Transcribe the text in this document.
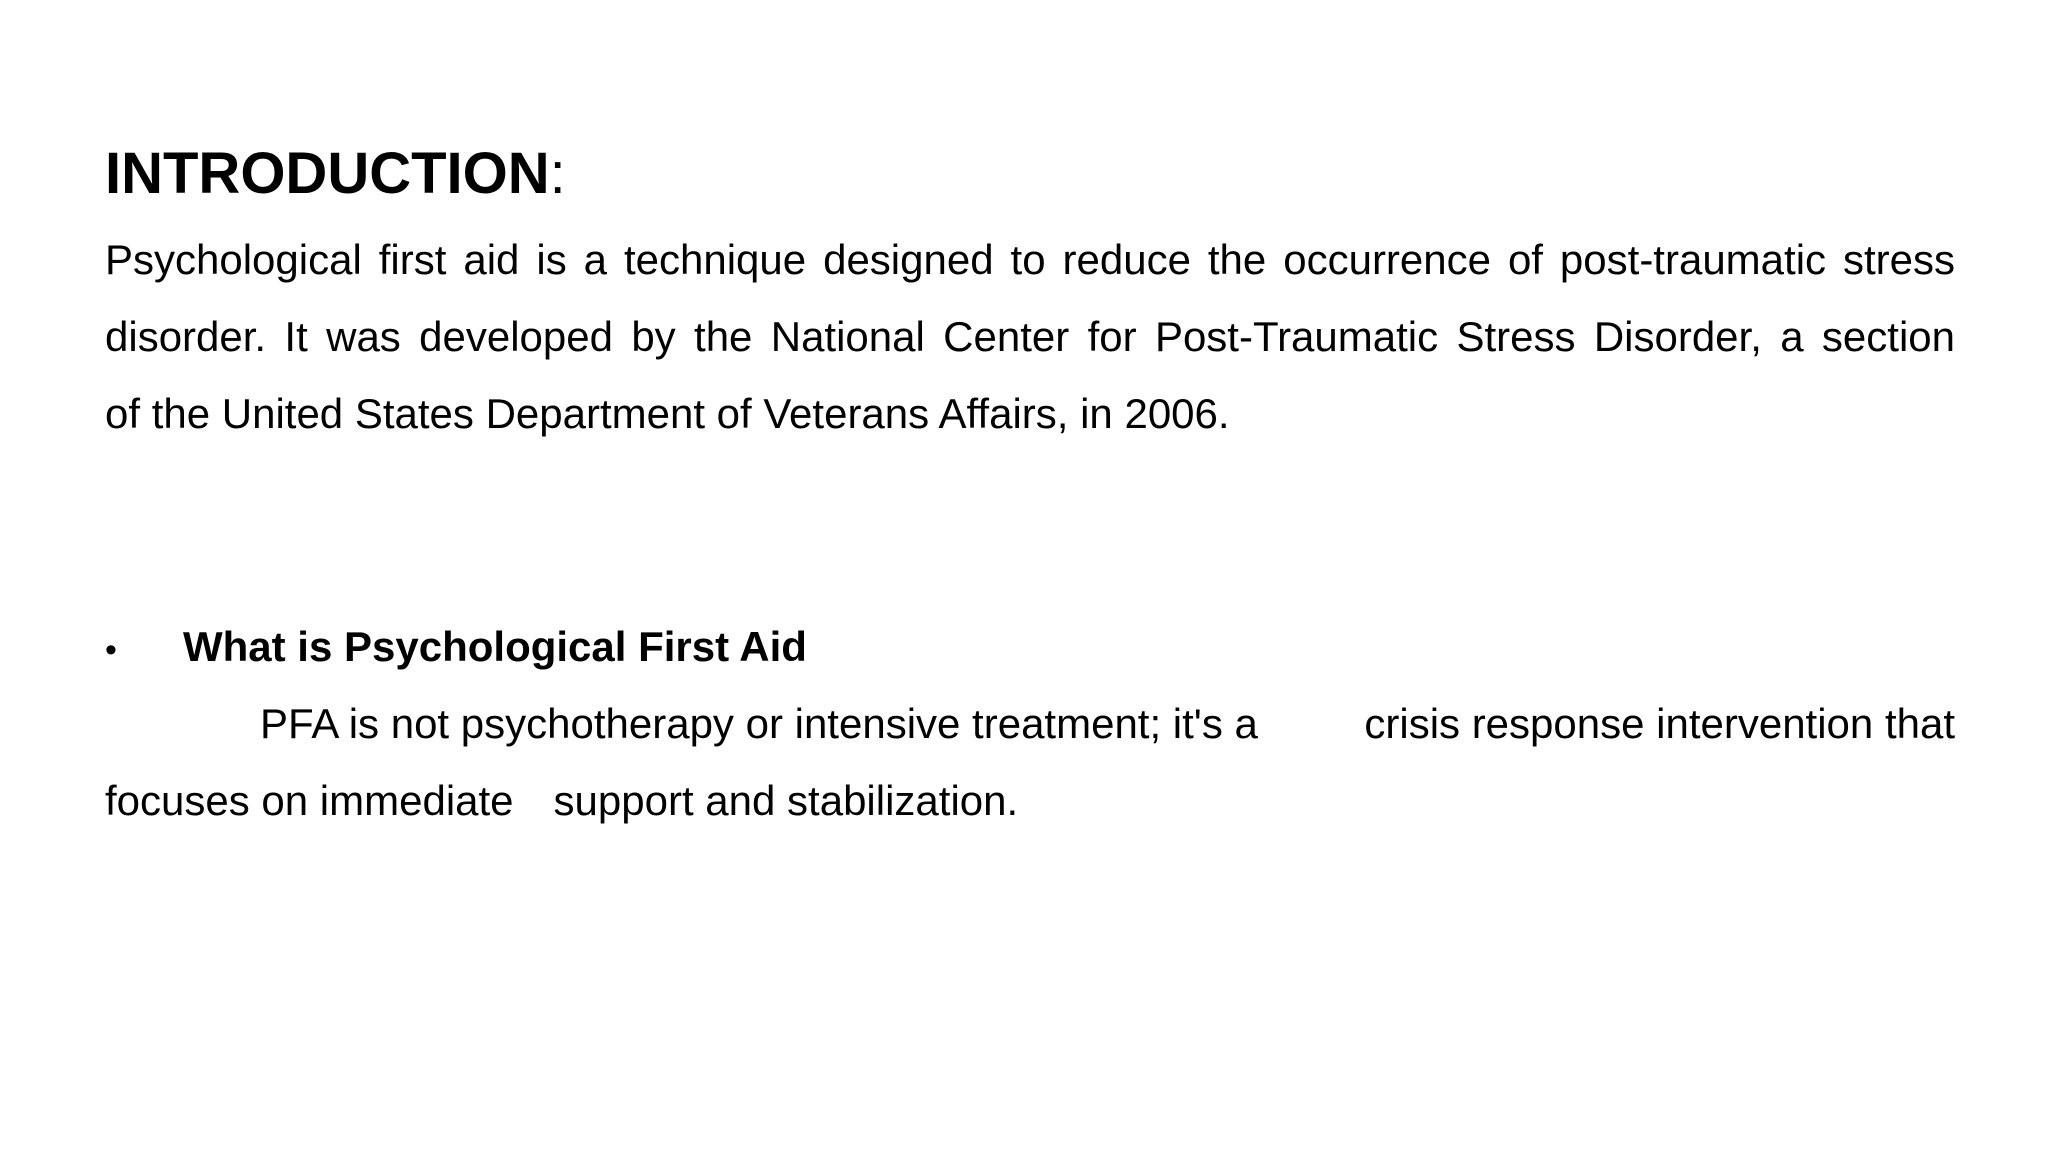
INTRODUCTION:
Psychological first aid is a technique designed to reduce the occurrence of post-traumatic stress
disorder. It was developed by the National Center for Post-Traumatic Stress Disorder, a section
of the United States Department of Veterans Affairs, in 2006.
• What is Psychological First Aid
PFA is not psychotherapy or intensive treatment; it's a	crisis response intervention that
focuses on immediate support and stabilization.
